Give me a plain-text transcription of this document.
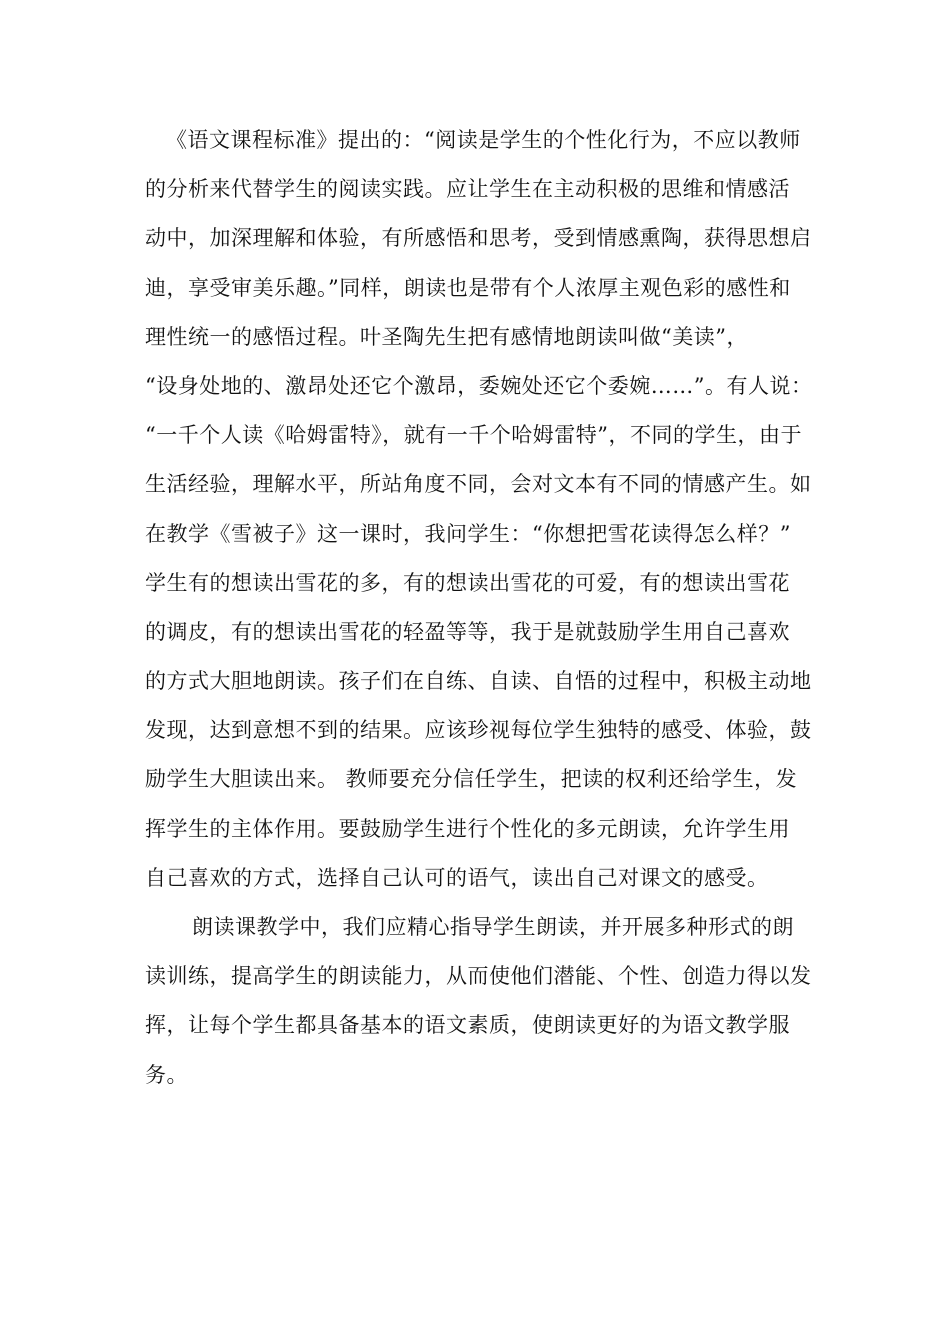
《语文课程标准》提出的：“阅读是学生的个性化行为，不应以教师
的分析来代替学生的阅读实践。应让学生在主动积极的思维和情感活
动中，加深理解和体验，有所感悟和思考，受到情感熏陶，获得思想启
迪，享受审美乐趣。”同样，朗读也是带有个人浓厚主观色彩的感性和
理性统一的感悟过程。叶圣陶先生把有感情地朗读叫做“美读”，
“设身处地的、激昂处还它个激昂，委婉处还它个委婉……”。有人说：
“一千个人读《哈姆雷特》，就有一千个哈姆雷特”，不同的学生，由于
生活经验，理解水平，所站角度不同，会对文本有不同的情感产生。如
在教学《雪被子》这一课时，我问学生：“你想把雪花读得怎么样？”
学生有的想读出雪花的多，有的想读出雪花的可爱，有的想读出雪花
的调皮，有的想读出雪花的轻盈等等，我于是就鼓励学生用自己喜欢
的方式大胆地朗读。孩子们在自练、自读、自悟的过程中，积极主动地
发现，达到意想不到的结果。应该珍视每位学生独特的感受、体验，鼓
励学生大胆读出来。 教师要充分信任学生，把读的权利还给学生，发
挥学生的主体作用。要鼓励学生进行个性化的多元朗读，允许学生用
自己喜欢的方式，选择自己认可的语气，读出自己对课文的感受。
朗读课教学中，我们应精心指导学生朗读，并开展多种形式的朗
读训练，提高学生的朗读能力，从而使他们潜能、个性、创造力得以发
挥，让每个学生都具备基本的语文素质，使朗读更好的为语文教学服
务。
